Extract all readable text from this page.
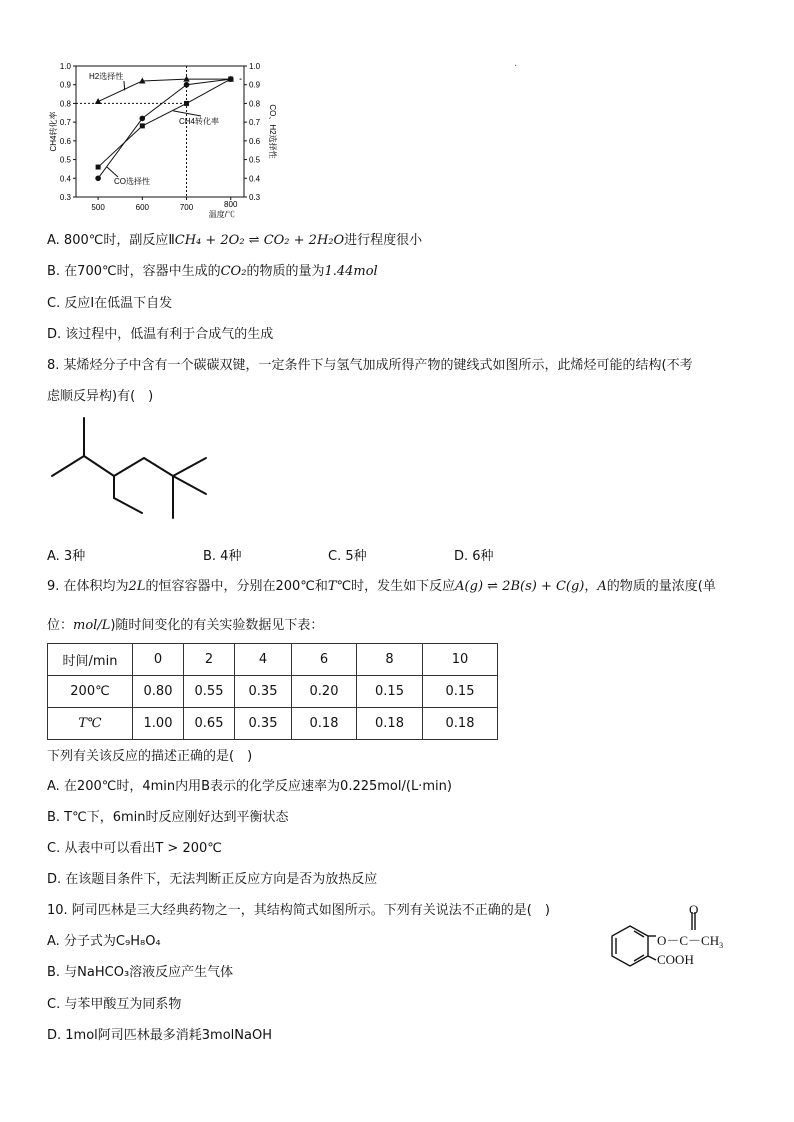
0.3	0.3
0.4	0.4
0.5	0.5
0.6	0.6
0.7	0.7
0.8	0.8
0.9	0.9
1.0	1.0
500	600	700	800
温度/℃
CH4转化率	CO、H2选择性
H2选择性
CH4转化率
CO选择性
.
A. 800℃时，副反应ⅡCH₄ + 2O₂ ⇌ CO₂ + 2H₂O进行程度很小
B. 在700℃时，容器中生成的CO₂的物质的量为1.44mol
C. 反应Ⅰ在低温下自发
D. 该过程中，低温有利于合成气的生成
8. 某烯烃分子中含有一个碳碳双键，一定条件下与氢气加成所得产物的键线式如图所示，此烯烃可能的结构(不考
虑顺反异构)有(　)
A. 3种	B. 4种	C. 5种	D. 6种
9. 在体积均为2L的恒容容器中，分别在200℃和T℃时，发生如下反应A(g) ⇌ 2B(s) + C(g)，A的物质的量浓度(单
位：mol/L)随时间变化的有关实验数据见下表：
时间/min	0	2	4	6	8	10
200℃	0.80	0.55	0.35	0.20	0.15	0.15
T℃	1.00	0.65	0.35	0.18	0.18	0.18
下列有关该反应的描述正确的是(　)
A. 在200℃时，4min内用B表示的化学反应速率为0.225mol/(L·min)
B. T℃下，6min时反应刚好达到平衡状态
C. 从表中可以看出T > 200℃
D. 在该题目条件下，无法判断正反应方向是否为放热反应
10. 阿司匹林是三大经典药物之一，其结构简式如图所示。下列有关说法不正确的是(　)
A. 分子式为C₉H₈O₄
B. 与NaHCO₃溶液反应产生气体
C. 与苯甲酸互为同系物
D. 1mol阿司匹林最多消耗3molNaOH
O
$O-C-CH_3$
COOH
